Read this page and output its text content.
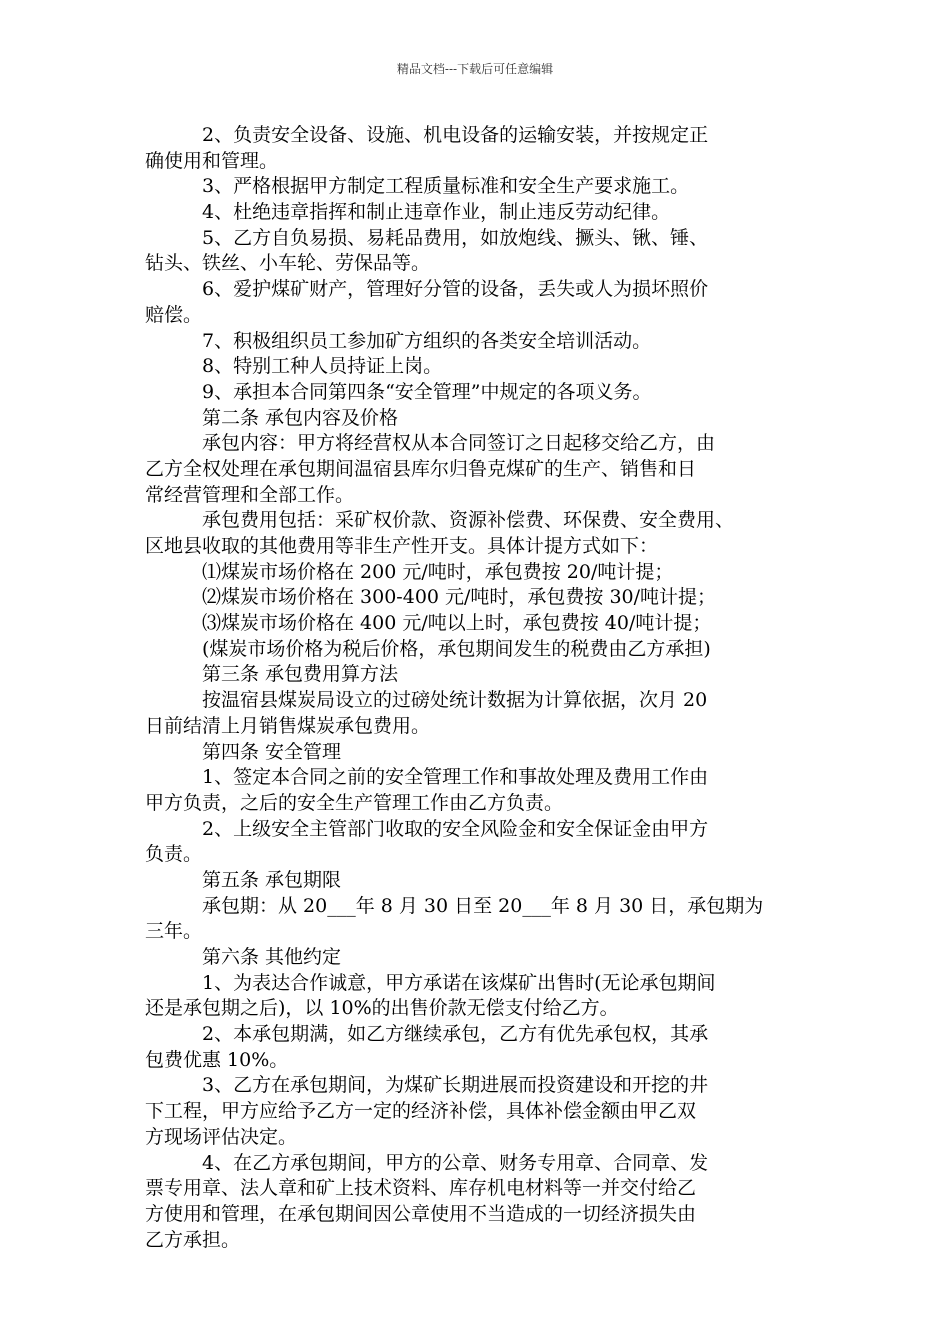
精品文档---下载后可任意编辑
2、负责安全设备、设施、机电设备的运输安装，并按规定正
确使用和管理。
3、严格根据甲方制定工程质量标准和安全生产要求施工。
4、杜绝违章指挥和制止违章作业，制止违反劳动纪律。
5、乙方自负易损、易耗品费用，如放炮线、撅头、锹、锤、
钻头、铁丝、小车轮、劳保品等。
6、爱护煤矿财产，管理好分管的设备，丢失或人为损坏照价
赔偿。
7、积极组织员工参加矿方组织的各类安全培训活动。
8、特别工种人员持证上岗。
9、承担本合同第四条“安全管理”中规定的各项义务。
第二条 承包内容及价格
承包内容：甲方将经营权从本合同签订之日起移交给乙方，由
乙方全权处理在承包期间温宿县库尔归鲁克煤矿的生产、销售和日
常经营管理和全部工作。
承包费用包括：采矿权价款、资源补偿费、环保费、安全费用、
区地县收取的其他费用等非生产性开支。具体计提方式如下：
⑴煤炭市场价格在 200 元/吨时，承包费按 20/吨计提；
⑵煤炭市场价格在 300-400 元/吨时，承包费按 30/吨计提；
⑶煤炭市场价格在 400 元/吨以上时，承包费按 40/吨计提；
(煤炭市场价格为税后价格，承包期间发生的税费由乙方承担)
第三条 承包费用算方法
按温宿县煤炭局设立的过磅处统计数据为计算依据，次月 20
日前结清上月销售煤炭承包费用。
第四条 安全管理
1、签定本合同之前的安全管理工作和事故处理及费用工作由
甲方负责，之后的安全生产管理工作由乙方负责。
2、上级安全主管部门收取的安全风险金和安全保证金由甲方
负责。
第五条 承包期限
承包期：从 20___年 8 月 30 日至 20___年 8 月 30 日，承包期为
三年。
第六条 其他约定
1、为表达合作诚意，甲方承诺在该煤矿出售时(无论承包期间
还是承包期之后)，以 10%的出售价款无偿支付给乙方。
2、本承包期满，如乙方继续承包，乙方有优先承包权，其承
包费优惠 10%。
3、乙方在承包期间，为煤矿长期进展而投资建设和开挖的井
下工程，甲方应给予乙方一定的经济补偿，具体补偿金额由甲乙双
方现场评估决定。
4、在乙方承包期间，甲方的公章、财务专用章、合同章、发
票专用章、法人章和矿上技术资料、库存机电材料等一并交付给乙
方使用和管理，在承包期间因公章使用不当造成的一切经济损失由
乙方承担。
